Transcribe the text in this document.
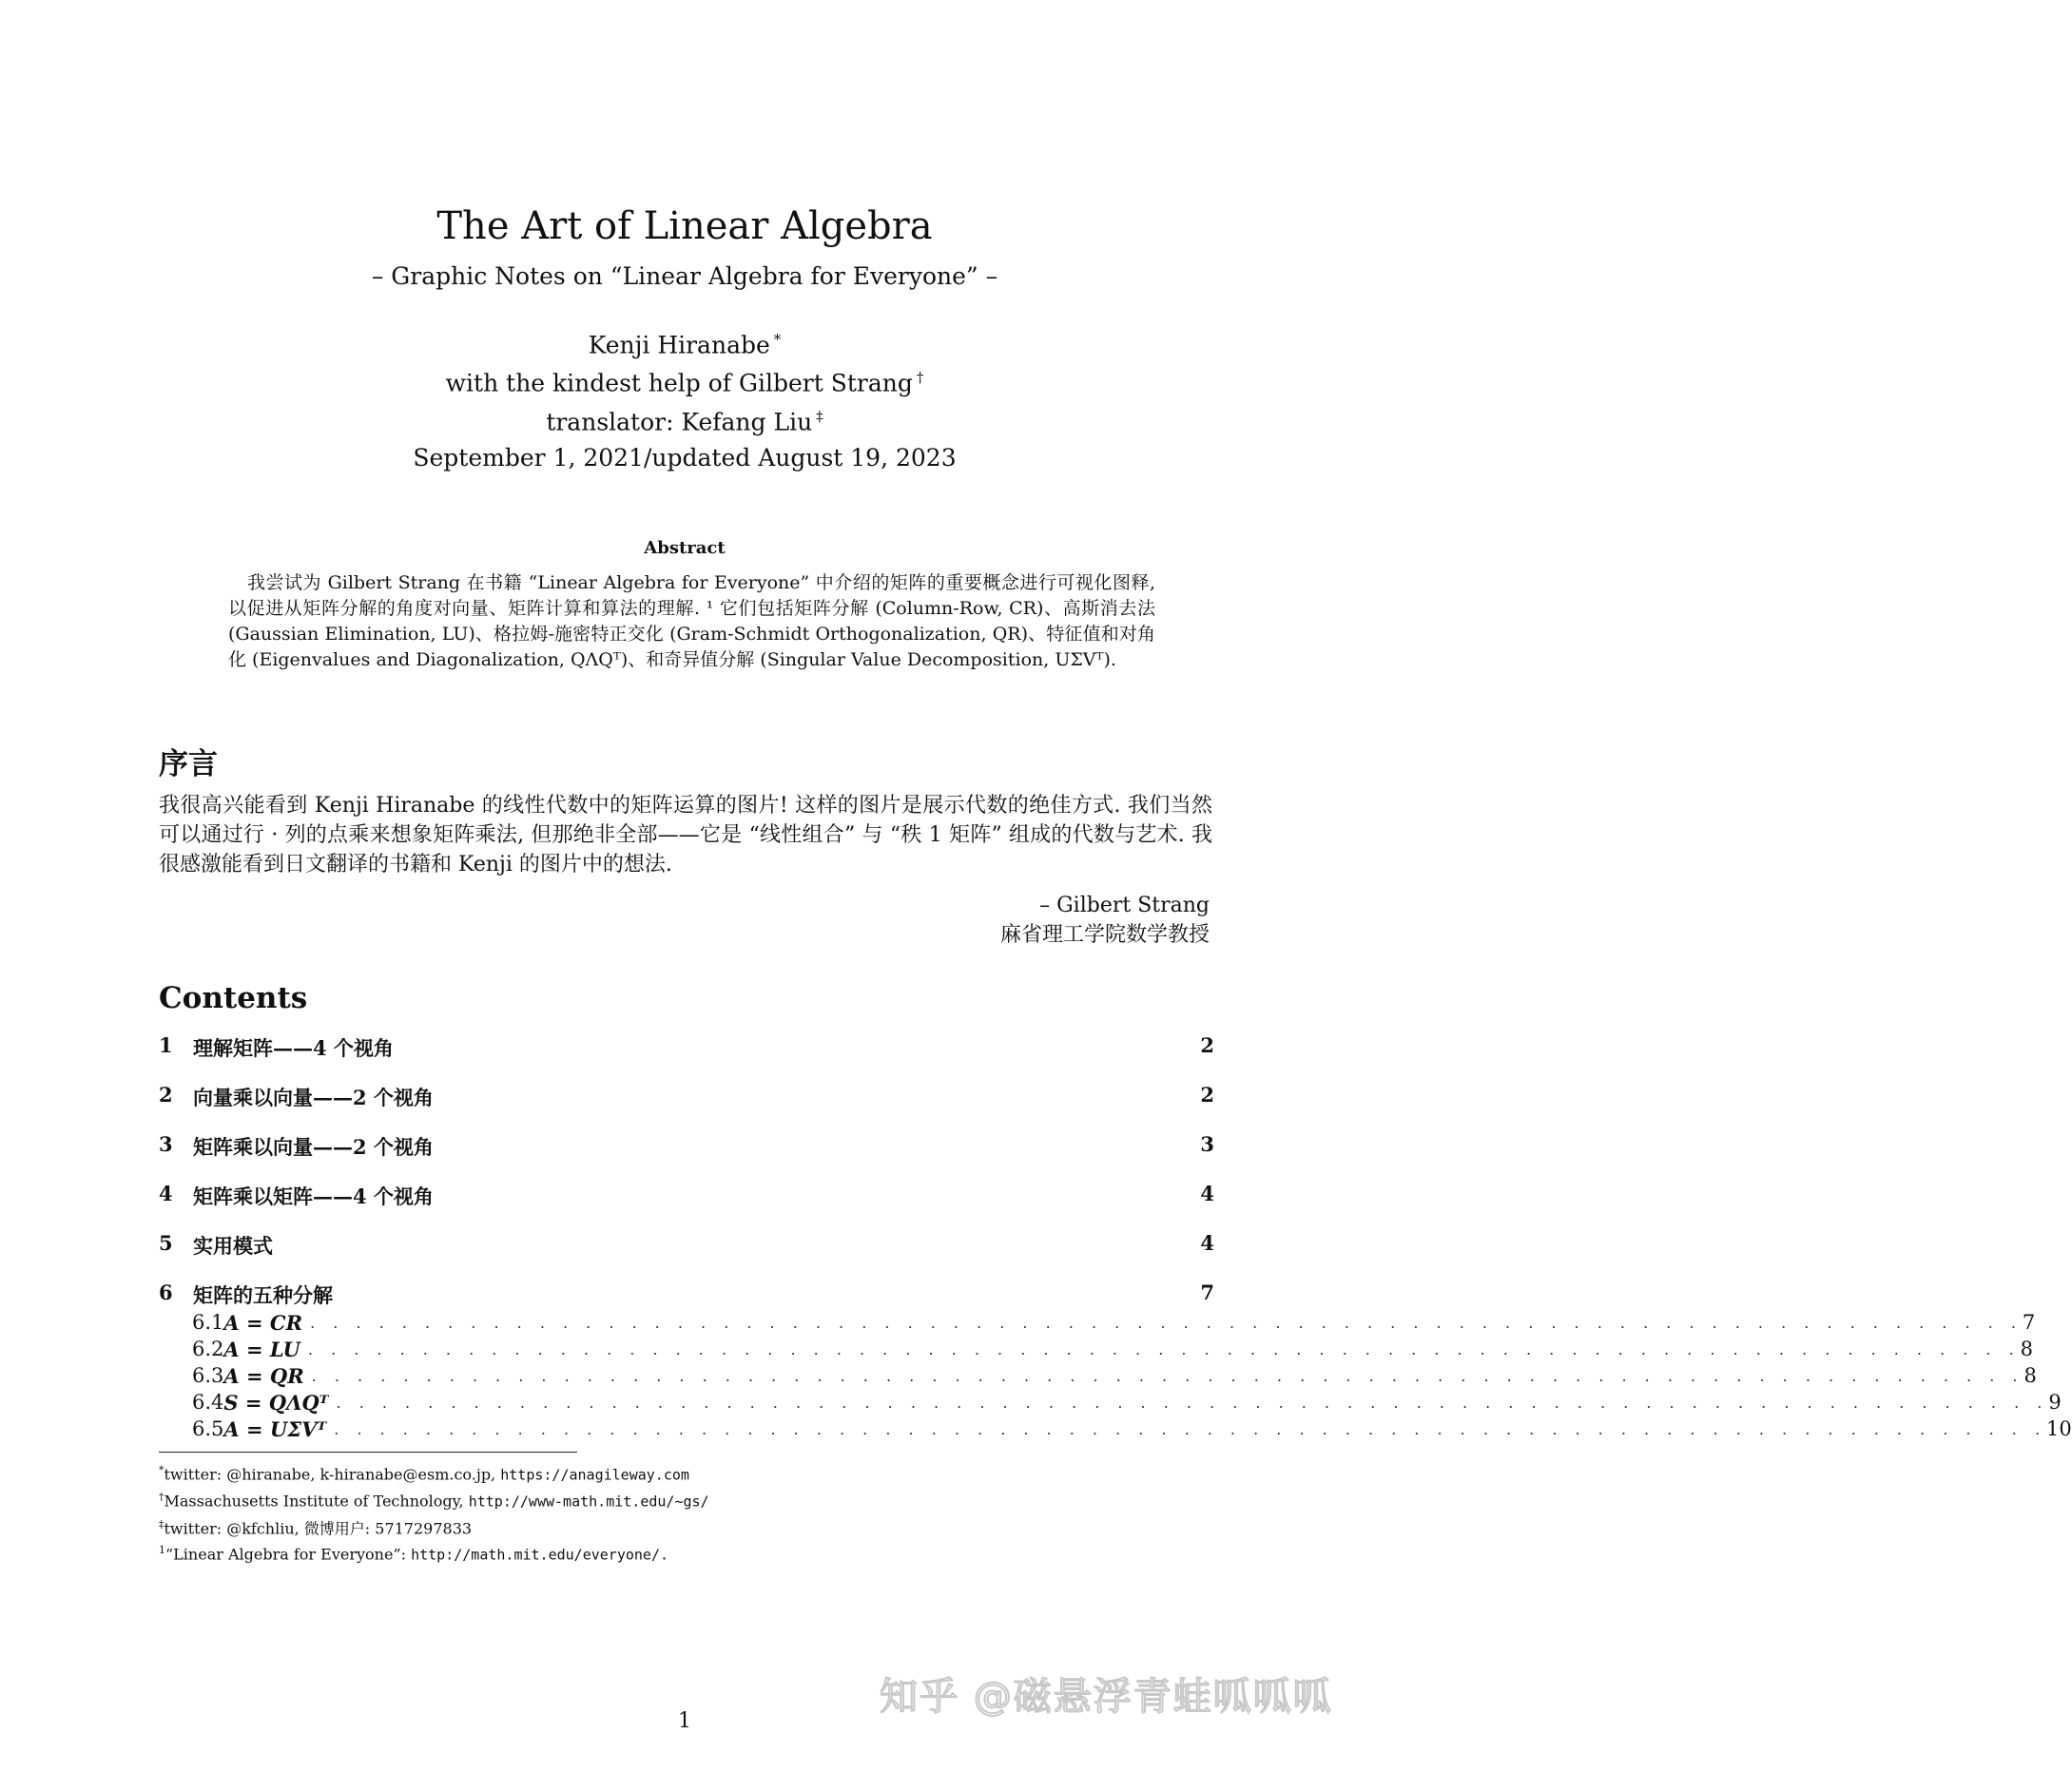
The Art of Linear Algebra
– Graphic Notes on “Linear Algebra for Everyone” –
Kenji Hiranabe *
with the kindest help of Gilbert Strang †
translator: Kefang Liu ‡
September 1, 2021/updated August 19, 2023
Abstract
我尝试为 Gilbert Strang 在书籍 “Linear Algebra for Everyone” 中介绍的矩阵的重要概念进行可视化图释, 以促进从矩阵分解的角度对向量、矩阵计算和算法的理解. ¹ 它们包括矩阵分解 (Column-Row, CR)、高斯消去法 (Gaussian Elimination, LU)、格拉姆-施密特正交化 (Gram-Schmidt Orthogonalization, QR)、特征值和对角化 (Eigenvalues and Diagonalization, QΛQᵀ)、和奇异值分解 (Singular Value Decomposition, UΣVᵀ).
序言
我很高兴能看到 Kenji Hiranabe 的线性代数中的矩阵运算的图片! 这样的图片是展示代数的绝佳方式. 我们当然可以通过行 · 列的点乘来想象矩阵乘法, 但那绝非全部——它是 “线性组合” 与 “秩 1 矩阵” 组成的代数与艺术. 我很感激能看到日文翻译的书籍和 Kenji 的图片中的想法.
– Gilbert Strang
麻省理工学院数学教授
Contents
1	理解矩阵——4 个视角	2
2	向量乘以向量——2 个视角	2
3	矩阵乘以向量——2 个视角	3
4	矩阵乘以矩阵——4 个视角	4
5	实用模式	4
6	矩阵的五种分解	7
6.1 A = CR . . . . . . . . . . . . . . . . . . . . . . . . . . . . . . . . . . . . . . . . . . . . . . . . . . . . . . . . . . . . . . . . . . . . . . . . . . . 7
6.2 A = LU . . . . . . . . . . . . . . . . . . . . . . . . . . . . . . . . . . . . . . . . . . . . . . . . . . . . . . . . . . . . . . . . . . . . . . . . . . . 8
6.3 A = QR . . . . . . . . . . . . . . . . . . . . . . . . . . . . . . . . . . . . . . . . . . . . . . . . . . . . . . . . . . . . . . . . . . . . . . . . . . . 8
6.4 S = QΛQᵀ . . . . . . . . . . . . . . . . . . . . . . . . . . . . . . . . . . . . . . . . . . . . . . . . . . . . . . . . . . . . . . . . . . . . . . . . . . . 9
6.5 A = UΣVᵀ . . . . . . . . . . . . . . . . . . . . . . . . . . . . . . . . . . . . . . . . . . . . . . . . . . . . . . . . . . . . . . . . . . . . . . . . . . . 10
*twitter: @hiranabe, k-hiranabe@esm.co.jp, https://anagileway.com
†Massachusetts Institute of Technology, http://www-math.mit.edu/~gs/
‡twitter: @kfchliu, 微博用户: 5717297833
$^1$“Linear Algebra for Everyone”: http://math.mit.edu/everyone/.
知乎 @磁悬浮青蛙呱呱呱
1
